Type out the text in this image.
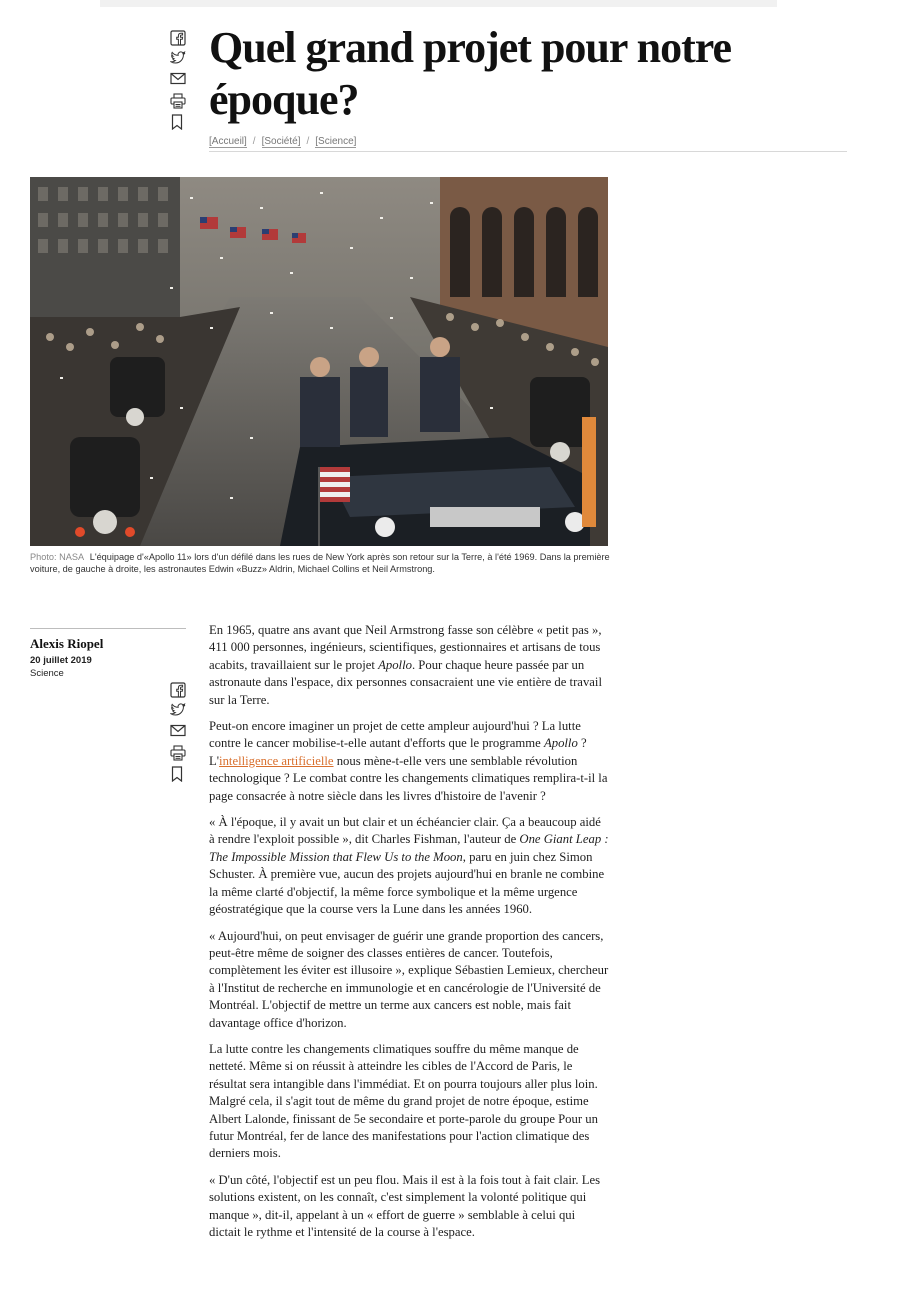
Quel grand projet pour notre époque?
[Accueil] / [Société] / [Science]
Photo: NASA L'équipage d'«Apollo 11» lors d'un défilé dans les rues de New York après son retour sur la Terre, à l'été 1969. Dans la première voiture, de gauche à droite, les astronautes Edwin «Buzz» Aldrin, Michael Collins et Neil Armstrong.
Alexis Riopel
20 juillet 2019
Science

En 1965, quatre ans avant que Neil Armstrong fasse son célèbre « petit pas », 411 000 personnes, ingénieurs, scientifiques, gestionnaires et artisans de tous acabits, travaillaient sur le projet Apollo. Pour chaque heure passée par un astronaute dans l'espace, dix personnes consacraient une vie entière de travail sur la Terre.

Peut-on encore imaginer un projet de cette ampleur aujourd'hui ? La lutte contre le cancer mobilise-t-elle autant d'efforts que le programme Apollo ? L'intelligence artificielle nous mène-t-elle vers une semblable révolution technologique ? Le combat contre les changements climatiques remplira-t-il la page consacrée à notre siècle dans les livres d'histoire de l'avenir ?

« À l'époque, il y avait un but clair et un échéancier clair. Ça a beaucoup aidé à rendre l'exploit possible », dit Charles Fishman, l'auteur de One Giant Leap : The Impossible Mission that Flew Us to the Moon, paru en juin chez Simon Schuster. À première vue, aucun des projets aujourd'hui en branle ne combine la même clarté d'objectif, la même force symbolique et la même urgence géostratégique que la course vers la Lune dans les années 1960.

« Aujourd'hui, on peut envisager de guérir une grande proportion des cancers, peut-être même de soigner des classes entières de cancer. Toutefois, complètement les éviter est illusoire », explique Sébastien Lemieux, chercheur à l'Institut de recherche en immunologie et en cancérologie de l'Université de Montréal. L'objectif de mettre un terme aux cancers est noble, mais fait davantage office d'horizon.

La lutte contre les changements climatiques souffre du même manque de netteté. Même si on réussit à atteindre les cibles de l'Accord de Paris, le résultat sera intangible dans l'immédiat. Et on pourra toujours aller plus loin. Malgré cela, il s'agit tout de même du grand projet de notre époque, estime Albert Lalonde, finissant de 5e secondaire et porte-parole du groupe Pour un futur Montréal, fer de lance des manifestations pour l'action climatique des derniers mois.

« D'un côté, l'objectif est un peu flou. Mais il est à la fois tout à fait clair. Les solutions existent, on les connaît, c'est simplement la volonté politique qui manque », dit-il, appelant à un « effort de guerre » semblable à celui qui dictait le rythme et l'intensité de la course à l'espace.
